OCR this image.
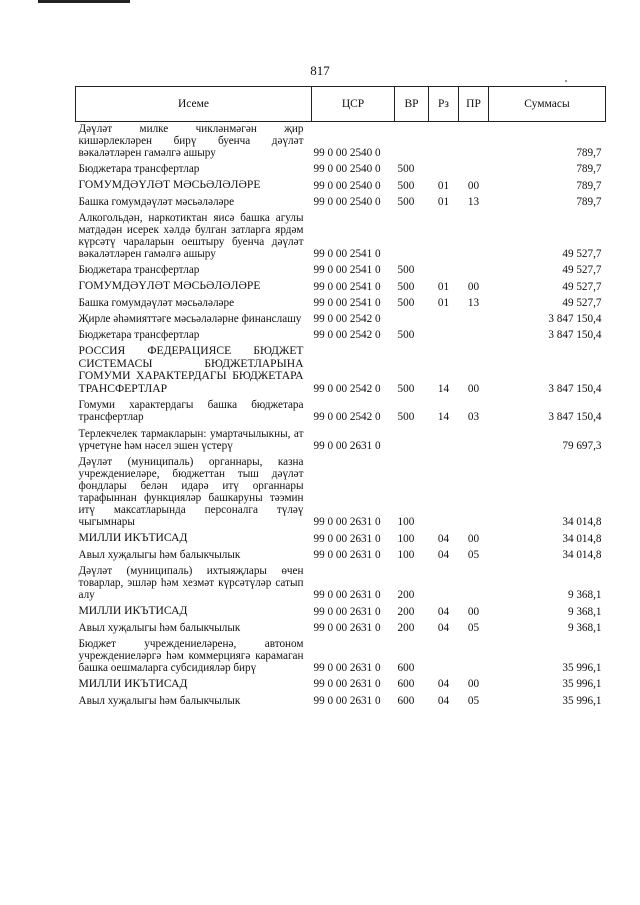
817
Исеме	ЦСР	ВР	Рз	ПР	Суммасы
Дәүләт милке чикләнмәгән җир кишәрлекләрен бирү буенча дәүләт вәкаләтләрен гамәлгә ашыру	99 0 00 2540 0				789,7
Бюджетара трансфертлар	99 0 00 2540 0	500			789,7
ГОМУМДӘҮЛӘТ МӘСЬӘЛӘЛӘРЕ	99 0 00 2540 0	500	01	00	789,7
Башка гомумдәүләт мәсьәләләре	99 0 00 2540 0	500	01	13	789,7
Алкогольдән, наркотиктан яисә башка агулы матдәдән исерек хәлдә булган затларга ярдәм күрсәтү чараларын оештыру буенча дәүләт вәкаләтләрен гамәлгә ашыру	99 0 00 2541 0				49 527,7
Бюджетара трансфертлар	99 0 00 2541 0	500			49 527,7
ГОМУМДӘҮЛӘТ МӘСЬӘЛӘЛӘРЕ	99 0 00 2541 0	500	01	00	49 527,7
Башка гомумдәүләт мәсьәләләре	99 0 00 2541 0	500	01	13	49 527,7
Җирле әһәмияттәге мәсьәләләрне финанслашу	99 0 00 2542 0				3 847 150,4
Бюджетара трансфертлар	99 0 00 2542 0	500			3 847 150,4
РОССИЯ ФЕДЕРАЦИЯСЕ БЮДЖЕТ СИСТЕМАСЫ БЮДЖЕТЛАРЫНА ГОМУМИ ХАРАКТЕРДАГЫ БЮДЖЕТАРА ТРАНСФЕРТЛАР	99 0 00 2542 0	500	14	00	3 847 150,4
Гомуми характердагы башка бюджетара трансфертлар	99 0 00 2542 0	500	14	03	3 847 150,4
Терлекчелек тармакларын: умартачылыкны, ат үрчетүне һәм нәсел эшен үстерү	99 0 00 2631 0				79 697,3
Дәүләт (муниципаль) органнары, казна учреждениеләре, бюджеттан тыш дәүләт фондлары белән идарә итү органнары тарафыннан функцияләр башкаруны тәэмин итү максатларында персоналга түләү чыгымнары	99 0 00 2631 0	100			34 014,8
МИЛЛИ ИКЪТИСАД	99 0 00 2631 0	100	04	00	34 014,8
Авыл хуҗалыгы һәм балыкчылык	99 0 00 2631 0	100	04	05	34 014,8
Дәүләт (муниципаль) ихтыяҗлары өчен товарлар, эшләр һәм хезмәт күрсәтүләр сатып алу	99 0 00 2631 0	200			9 368,1
МИЛЛИ ИКЪТИСАД	99 0 00 2631 0	200	04	00	9 368,1
Авыл хуҗалыгы һәм балыкчылык	99 0 00 2631 0	200	04	05	9 368,1
Бюджет учреждениеләренә, автоном учреждениеләргә һәм коммерциягә карамаган башка оешмаларга субсидияләр бирү	99 0 00 2631 0	600			35 996,1
МИЛЛИ ИКЪТИСАД	99 0 00 2631 0	600	04	00	35 996,1
Авыл хуҗалыгы һәм балыкчылык	99 0 00 2631 0	600	04	05	35 996,1
